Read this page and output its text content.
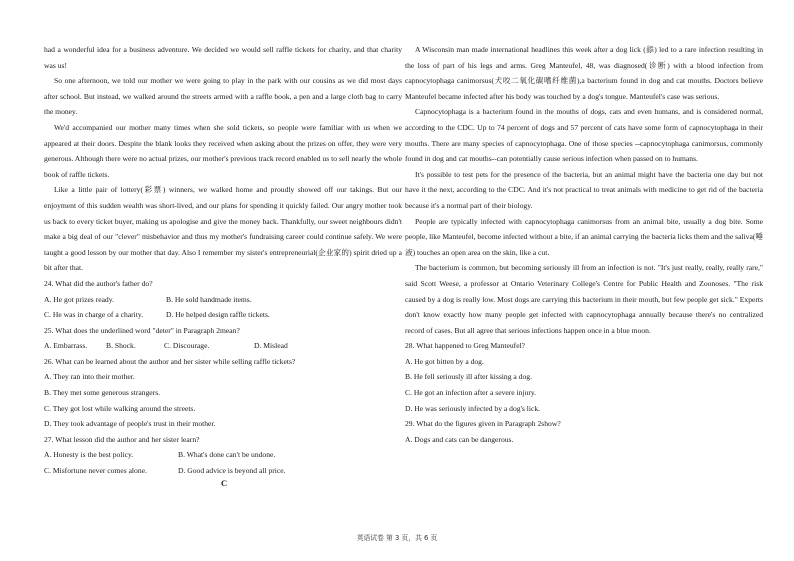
had a wonderful idea for a business adventure. We decided we would sell raffle tickets for charity, and that charity was us!

So one afternoon, we told our mother we were going to play in the park with our cousins as we did most days after school. But instead, we walked around the streets armed with a raffle book, a pen and a large cloth bag to carry the money.

We'd accompanied our mother many times when she sold tickets, so people were familiar with us when we appeared at their doors. Despite the blank looks they received when asking about the prizes on offer, they were very generous. Although there were no actual prizes, our mother's previous track record enabled us to sell nearly the whole book of raffle tickets.

Like a little pair of lottery(彩票) winners, we walked home and proudly showed off our takings. But our enjoyment of this sudden wealth was short-lived, and our plans for spending it quickly failed. Our angry mother took us back to every ticket buyer, making us apologise and give the money back. Thankfully, our sweet neighbours didn't make a big deal of our "clever" misbehavior and thus my mother's fundraising career could continue safely. We were taught a good lesson by our mother that day. Also I remember my sister's entrepreneurial(企业家的) spirit dried up a bit after that.

24. What did the author's father do?

A. He got prizes ready.	B. He sold handmade items.
C. He was in charge of a charity.	D. He helped design raffle tickets.

25. What does the underlined word "deter" in Paragraph 2mean?

A. Embarrass.	B. Shock.	C. Discourage.	D. Mislead

26. What can be learned about the author and her sister while selling raffle tickets?

A. They ran into their mother.

B. They met some generous strangers.

C. They got lost while walking around the streets.

D. They took advantage of people's trust in their mother.

27. What lesson did the author and her sister learn?

A. Honesty is the best policy.	B. What's done can't be undone.
C. Misfortune never comes alone.	D. Good advice is beyond all price.
C

A Wisconsin man made international headlines this week after a dog lick (舔) led to a rare infection resulting in the loss of part of his legs and arms. Greg Manteufel, 48, was diagnosed(诊断) with a blood infection from capnocytophaga canimorsus(犬咬二氧化碳嗜纤维菌),a bacterium found in dog and cat mouths. Doctors believe Manteufel became infected after his body was touched by a dog's tongue. Manteufel's case was serious.

Capnocytophaga is a bacterium found in the mouths of dogs, cats and even humans, and is considered normal, according to the CDC. Up to 74 percent of dogs and 57 percent of cats have some form of capnocytophaga in their mouths. There are many species of capnocytophaga. One of those species --capnocytophaga canimorsus, commonly found in dog and cat mouths--can potentially cause serious infection when passed on to humans.

It's possible to test pets for the presence of the bacteria, but an animal might have the bacteria one day but not have it the next, according to the CDC. And it's not practical to treat animals with medicine to get rid of the bacteria because it's a normal part of their biology.

People are typically infected with capnocytophaga canimorsus from an animal bite, usually a dog bite. Some people, like Manteufel, become infected without a bite, if an animal carrying the bacteria licks them and the saliva(唾液) touches an open area on the skin, like a cut.

The bacterium is common, but becoming seriously ill from an infection is not. "It's just really, really, really rare," said Scott Weese, a professor at Ontario Veterinary College's Centre for Public Health and Zoonoses. "The risk caused by a dog is really low. Most dogs are carrying this bacterium in their mouth, but few people get sick." Experts don't know exactly how many people get infected with capnocytophaga annually because there's no centralized record of cases. But all agree that serious infections happen once in a blue moon.

28. What happened to Greg Manteufel?

A. He got bitten by a dog.

B. He fell seriously ill after kissing a dog.

C. He got an infection after a severe injury.

D. He was seriously infected by a dog's lick.

29. What do the figures given in Paragraph 2show?

A. Dogs and cats can be dangerous.

英语试卷 第 3 页，共 6 页
